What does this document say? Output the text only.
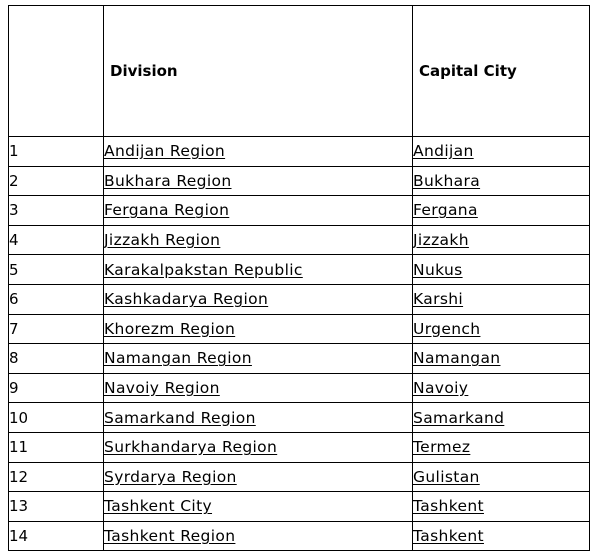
	Division	Capital City
1	Andijan Region	Andijan
2	Bukhara Region	Bukhara
3	Fergana Region	Fergana
4	Jizzakh Region	Jizzakh
5	Karakalpakstan Republic	Nukus
6	Kashkadarya Region	Karshi
7	Khorezm Region	Urgench
8	Namangan Region	Namangan
9	Navoiy Region	Navoiy
10	Samarkand Region	Samarkand
11	Surkhandarya Region	Termez
12	Syrdarya Region	Gulistan
13	Tashkent City	Tashkent
14	Tashkent Region	Tashkent
